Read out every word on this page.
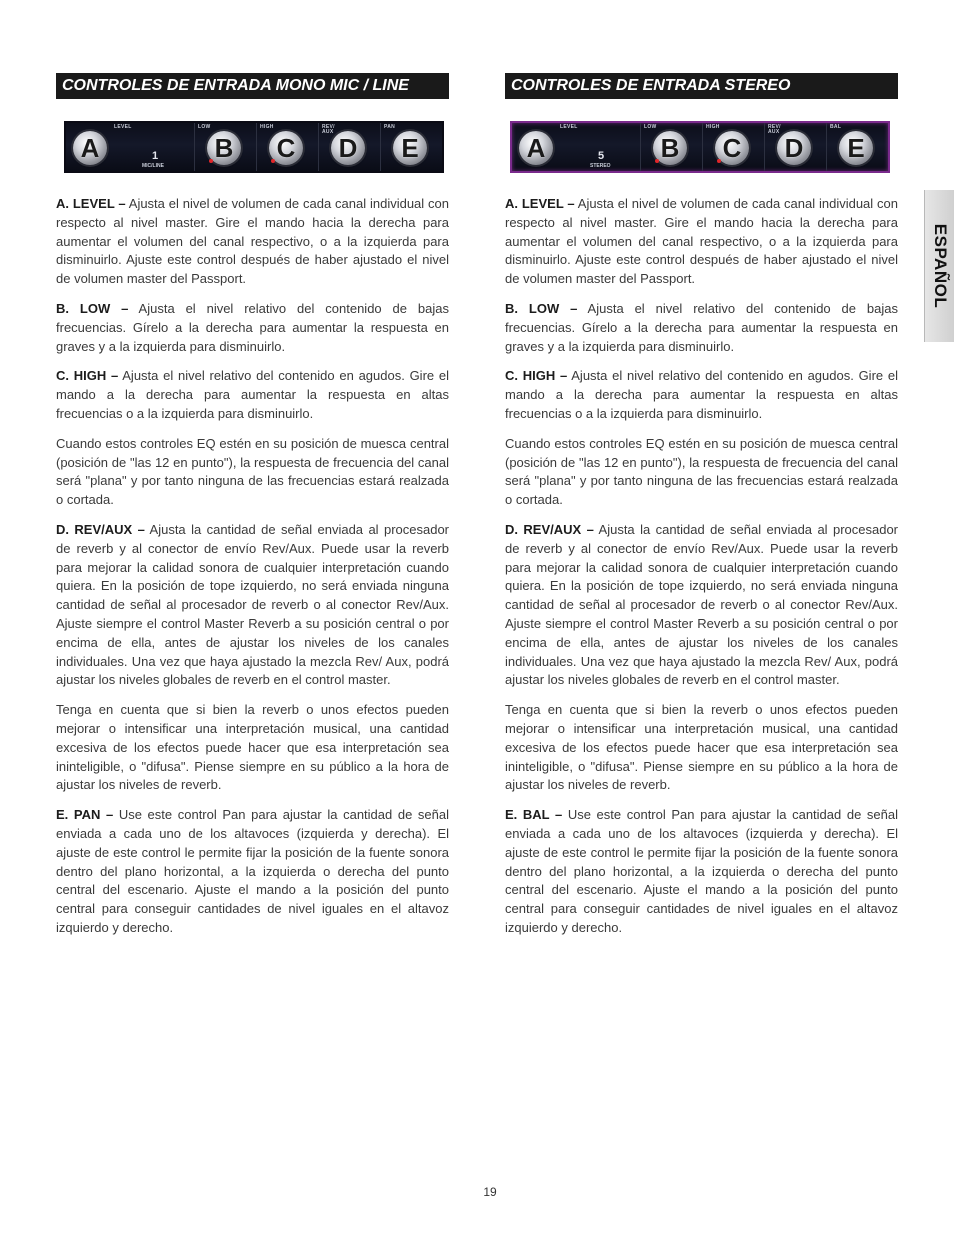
CONTROLES DE ENTRADA MONO MIC / LINE
LEVEL	LOW	HIGH	REV/ AUX
PAN
1
MIC/LINE
A	B C D E

A. LEVEL – Ajusta el nivel de volumen de cada canal individual con respecto al nivel master. Gire el mando hacia la derecha para aumentar el volumen del canal respectivo, o a la izquierda para disminuirlo. Ajuste este control después de haber ajustado el nivel de volumen master del Passport.

B. LOW – Ajusta el nivel relativo del contenido de bajas frecuencias. Gírelo a la derecha para aumentar la respuesta en graves y a la izquierda para disminuirlo.

C. HIGH – Ajusta el nivel relativo del contenido en agudos. Gire el mando a la derecha para aumentar la respuesta en altas frecuencias o a la izquierda para disminuirlo.

Cuando estos controles EQ estén en su posición de muesca central (posición de "las 12 en punto"), la respuesta de frecuencia del canal será "plana" y por tanto ninguna de las frecuencias estará realzada o cortada.

D. REV/AUX – Ajusta la cantidad de señal enviada al procesador de reverb y al conector de envío Rev/Aux. Puede usar la reverb para mejorar la calidad sonora de cualquier interpretación cuando quiera. En la posición de tope izquierdo, no será enviada ninguna cantidad de señal al procesador de reverb o al conector Rev/Aux. Ajuste siempre el control Master Reverb a su posición central o por encima de ella, antes de ajustar los niveles de los canales individuales. Una vez que haya ajustado la mezcla Rev/ Aux, podrá ajustar los niveles globales de reverb en el control master.

Tenga en cuenta que si bien la reverb o unos efectos pueden mejorar o intensificar una interpretación musical, una cantidad excesiva de los efectos puede hacer que esa interpretación sea ininteligible, o "difusa". Piense siempre en su público a la hora de ajustar los niveles de reverb.

E. PAN – Use este control Pan para ajustar la cantidad de señal enviada a cada uno de los altavoces (izquierda y derecha). El ajuste de este control le permite fijar la posición de la fuente sonora dentro del plano horizontal, a la izquierda o derecha del punto central del escenario. Ajuste el mando a la posición del punto central para conseguir cantidades de nivel iguales en el altavoz izquierdo y derecho.

CONTROLES DE ENTRADA STEREO
LEVEL	LOW	HIGH	REV/ AUX
BAL
5
STEREO
A	B C D E

A. LEVEL – Ajusta el nivel de volumen de cada canal individual con respecto al nivel master. Gire el mando hacia la derecha para aumentar el volumen del canal respectivo, o a la izquierda para disminuirlo. Ajuste este control después de haber ajustado el nivel de volumen master del Passport.

B. LOW – Ajusta el nivel relativo del contenido de bajas frecuencias. Gírelo a la derecha para aumentar la respuesta en graves y a la izquierda para disminuirlo.

C. HIGH – Ajusta el nivel relativo del contenido en agudos. Gire el mando a la derecha para aumentar la respuesta en altas frecuencias o a la izquierda para disminuirlo.

Cuando estos controles EQ estén en su posición de muesca central (posición de "las 12 en punto"), la respuesta de frecuencia del canal será "plana" y por tanto ninguna de las frecuencias estará realzada o cortada.

D. REV/AUX – Ajusta la cantidad de señal enviada al procesador de reverb y al conector de envío Rev/Aux. Puede usar la reverb para mejorar la calidad sonora de cualquier interpretación cuando quiera. En la posición de tope izquierdo, no será enviada ninguna cantidad de señal al procesador de reverb o al conector Rev/Aux. Ajuste siempre el control Master Reverb a su posición central o por encima de ella, antes de ajustar los niveles de los canales individuales. Una vez que haya ajustado la mezcla Rev/ Aux, podrá ajustar los niveles globales de reverb en el control master.

Tenga en cuenta que si bien la reverb o unos efectos pueden mejorar o intensificar una interpretación musical, una cantidad excesiva de los efectos puede hacer que esa interpretación sea ininteligible, o "difusa". Piense siempre en su público a la hora de ajustar los niveles de reverb.

E. BAL – Use este control Pan para ajustar la cantidad de señal enviada a cada uno de los altavoces (izquierda y derecha). El ajuste de este control le permite fijar la posición de la fuente sonora dentro del plano horizontal, a la izquierda o derecha del punto central del escenario. Ajuste el mando a la posición del punto central para conseguir cantidades de nivel iguales en el altavoz izquierdo y derecho.

ESPAÑOL
19
